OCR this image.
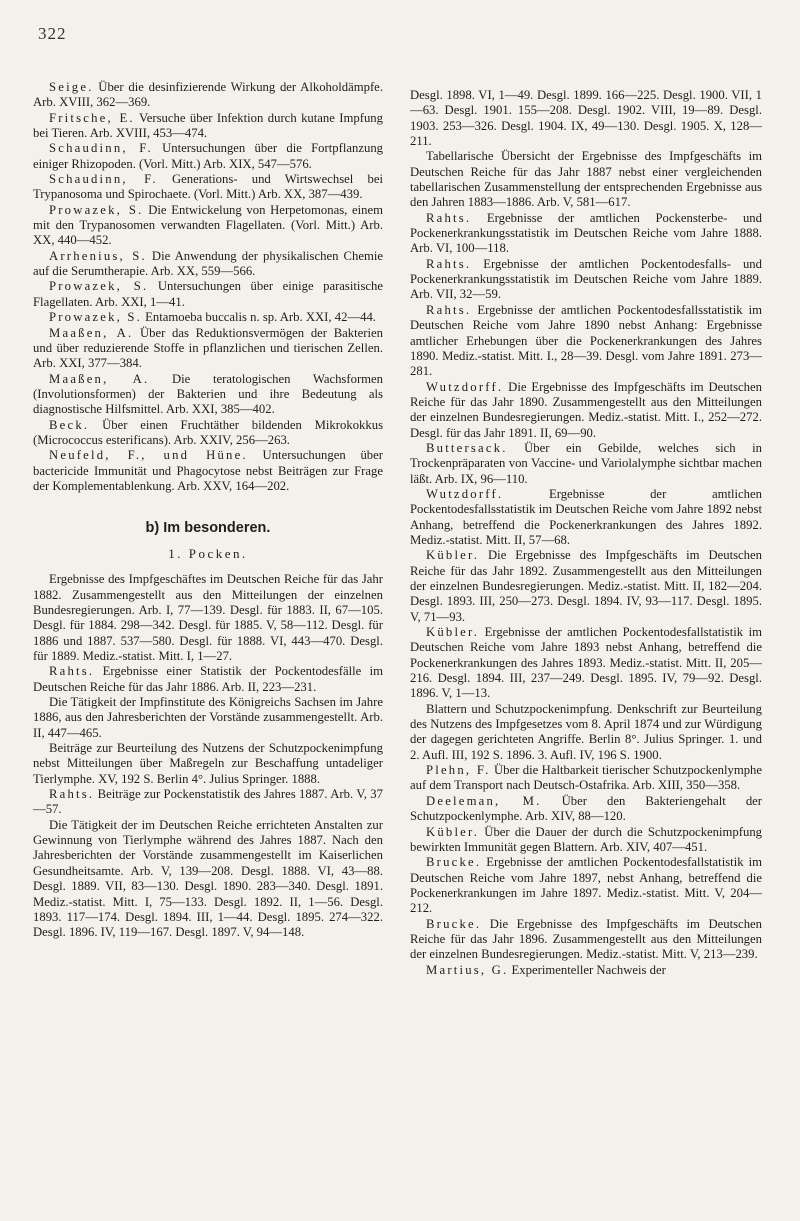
322

Seige. Über die desinfizierende Wirkung der Alkoholdämpfe. Arb. XVIII, 362—369.

Fritsche, E. Versuche über Infektion durch kutane Impfung bei Tieren. Arb. XVIII, 453—474.

Schaudinn, F. Untersuchungen über die Fortpflanzung einiger Rhizopoden. (Vorl. Mitt.) Arb. XIX, 547—576.

Schaudinn, F. Generations- und Wirtswechsel bei Trypanosoma und Spirochaete. (Vorl. Mitt.) Arb. XX, 387—439.

Prowazek, S. Die Entwickelung von Herpetomonas, einem mit den Trypanosomen verwandten Flagellaten. (Vorl. Mitt.) Arb. XX, 440—452.

Arrhenius, S. Die Anwendung der physikalischen Chemie auf die Serumtherapie. Arb. XX, 559—566.

Prowazek, S. Untersuchungen über einige parasitische Flagellaten. Arb. XXI, 1—41.

Prowazek, S. Entamoeba buccalis n. sp. Arb. XXI, 42—44.

Maaßen, A. Über das Reduktionsvermögen der Bakterien und über reduzierende Stoffe in pflanzlichen und tierischen Zellen. Arb. XXI, 377—384.

Maaßen, A. Die teratologischen Wachsformen (Involutionsformen) der Bakterien und ihre Bedeutung als diagnostische Hilfsmittel. Arb. XXI, 385—402.

Beck. Über einen Fruchtäther bildenden Mikrokokkus (Micrococcus esterificans). Arb. XXIV, 256—263.

Neufeld, F., und Hüne. Untersuchungen über bactericide Immunität und Phagocytose nebst Beiträgen zur Frage der Komplementablenkung. Arb. XXV, 164—202.

b) Im besonderen.
1. Pocken.

Ergebnisse des Impfgeschäftes im Deutschen Reiche für das Jahr 1882. Zusammengestellt aus den Mitteilungen der einzelnen Bundesregierungen. Arb. I, 77—139. Desgl. für 1883. II, 67—105. Desgl. für 1884. 298—342. Desgl. für 1885. V, 58—112. Desgl. für 1886 und 1887. 537—580. Desgl. für 1888. VI, 443—470. Desgl. für 1889. Mediz.-statist. Mitt. I, 1—27.

Rahts. Ergebnisse einer Statistik der Pockentodesfälle im Deutschen Reiche für das Jahr 1886. Arb. II, 223—231.

Die Tätigkeit der Impfinstitute des Königreichs Sachsen im Jahre 1886, aus den Jahresberichten der Vorstände zusammengestellt. Arb. II, 447—465.

Beiträge zur Beurteilung des Nutzens der Schutzpockenimpfung nebst Mitteilungen über Maßregeln zur Beschaffung untadeliger Tierlymphe. XV, 192 S. Berlin 4°. Julius Springer. 1888.

Rahts. Beiträge zur Pockenstatistik des Jahres 1887. Arb. V, 37—57.

Die Tätigkeit der im Deutschen Reiche errichteten Anstalten zur Gewinnung von Tierlymphe während des Jahres 1887. Nach den Jahresberichten der Vorstände zusammengestellt im Kaiserlichen Gesundheitsamte. Arb. V, 139—208. Desgl. 1888. VI, 43—88. Desgl. 1889. VII, 83—130. Desgl. 1890. 283—340. Desgl. 1891. Mediz.-statist. Mitt. I, 75—133. Desgl. 1892. II, 1—56. Desgl. 1893. 117—174. Desgl. 1894. III, 1—44. Desgl. 1895. 274—322. Desgl. 1896. IV, 119—167. Desgl. 1897. V, 94—148.

Desgl. 1898. VI, 1—49. Desgl. 1899. 166—225. Desgl. 1900. VII, 1—63. Desgl. 1901. 155—208. Desgl. 1902. VIII, 19—89. Desgl. 1903. 253—326. Desgl. 1904. IX, 49—130. Desgl. 1905. X, 128—211.

Tabellarische Übersicht der Ergebnisse des Impfgeschäfts im Deutschen Reiche für das Jahr 1887 nebst einer vergleichenden tabellarischen Zusammenstellung der entsprechenden Ergebnisse aus den Jahren 1883—1886. Arb. V, 581—617.

Rahts. Ergebnisse der amtlichen Pockensterbe- und Pockenerkrankungsstatistik im Deutschen Reiche vom Jahre 1888. Arb. VI, 100—118.

Rahts. Ergebnisse der amtlichen Pockentodesfalls- und Pockenerkrankungsstatistik im Deutschen Reiche vom Jahre 1889. Arb. VII, 32—59.

Rahts. Ergebnisse der amtlichen Pockentodesfallsstatistik im Deutschen Reiche vom Jahre 1890 nebst Anhang: Ergebnisse amtlicher Erhebungen über die Pockenerkrankungen des Jahres 1890. Mediz.-statist. Mitt. I., 28—39. Desgl. vom Jahre 1891. 273—281.

Wutzdorff. Die Ergebnisse des Impfgeschäfts im Deutschen Reiche für das Jahr 1890. Zusammengestellt aus den Mitteilungen der einzelnen Bundesregierungen. Mediz.-statist. Mitt. I., 252—272. Desgl. für das Jahr 1891. II, 69—90.

Buttersack. Über ein Gebilde, welches sich in Trockenpräparaten von Vaccine- und Variolalymphe sichtbar machen läßt. Arb. IX, 96—110.

Wutzdorff.	Ergebnisse der amtlichen Pockentodesfallsstatistik im Deutschen Reiche vom Jahre 1892 nebst Anhang, betreffend die Pockenerkrankungen des Jahres 1892. Mediz.-statist. Mitt. II, 57—68.

Kübler. Die Ergebnisse des Impfgeschäfts im Deutschen Reiche für das Jahr 1892. Zusammengestellt aus den Mitteilungen der einzelnen Bundesregierungen. Mediz.-statist. Mitt. II, 182—204. Desgl. 1893. III, 250—273. Desgl. 1894. IV, 93—117. Desgl. 1895. V, 71—93.

Kübler. Ergebnisse der amtlichen Pockentodesfallstatistik im Deutschen Reiche vom Jahre 1893 nebst Anhang, betreffend die Pockenerkrankungen des Jahres 1893. Mediz.-statist. Mitt. II, 205—216. Desgl. 1894. III, 237—249. Desgl. 1895. IV, 79—92. Desgl. 1896. V, 1—13.

Blattern und Schutzpockenimpfung. Denkschrift zur Beurteilung des Nutzens des Impfgesetzes vom 8. April 1874 und zur Würdigung der dagegen gerichteten Angriffe. Berlin 8°. Julius Springer. 1. und 2. Aufl. III, 192 S. 1896. 3. Aufl. IV, 196 S. 1900.

Plehn, F. Über die Haltbarkeit tierischer Schutzpockenlymphe auf dem Transport nach Deutsch-Ostafrika. Arb. XIII, 350—358.

Deeleman, M. Über den Bakteriengehalt der Schutzpockenlymphe. Arb. XIV, 88—120.

Kübler. Über die Dauer der durch die Schutzpockenimpfung bewirkten Immunität gegen Blattern. Arb. XIV, 407—451.

Brucke. Ergebnisse der amtlichen Pockentodesfallstatistik im Deutschen Reiche vom Jahre 1897, nebst Anhang, betreffend die Pockenerkrankungen im Jahre 1897. Mediz.-statist. Mitt. V, 204—212.

Brucke. Die Ergebnisse des Impfgeschäfts im Deutschen Reiche für das Jahr 1896. Zusammengestellt aus den Mitteilungen der einzelnen Bundesregierungen. Mediz.-statist. Mitt. V, 213—239.

Martius, G. Experimenteller Nachweis der
